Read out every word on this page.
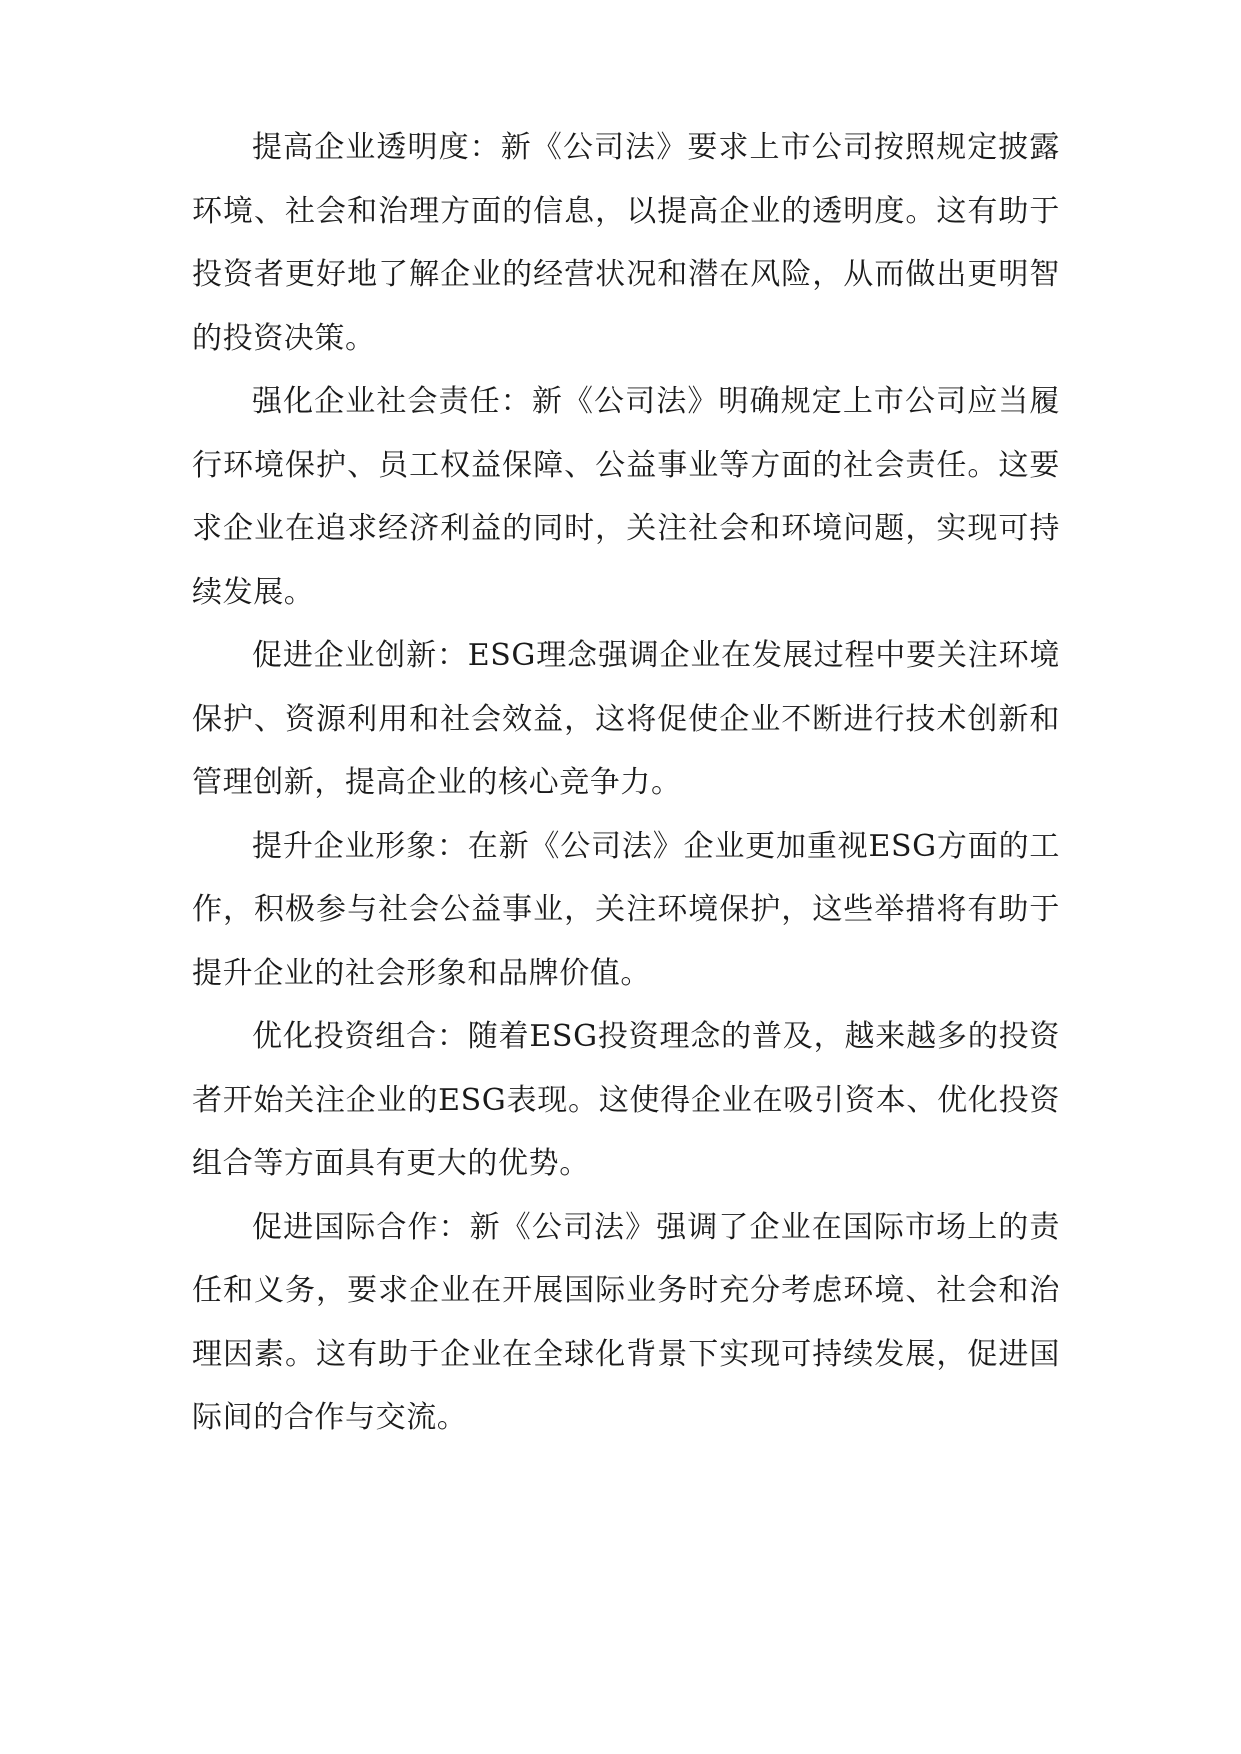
提高企业透明度：新《公司法》要求上市公司按照规定披露环境、社会和治理方面的信息，以提高企业的透明度。这有助于投资者更好地了解企业的经营状况和潜在风险，从而做出更明智的投资决策。

强化企业社会责任：新《公司法》明确规定上市公司应当履行环境保护、员工权益保障、公益事业等方面的社会责任。这要求企业在追求经济利益的同时，关注社会和环境问题，实现可持续发展。

促进企业创新：ESG理念强调企业在发展过程中要关注环境保护、资源利用和社会效益，这将促使企业不断进行技术创新和管理创新，提高企业的核心竞争力。

提升企业形象：在新《公司法》企业更加重视ESG方面的工作，积极参与社会公益事业，关注环境保护，这些举措将有助于提升企业的社会形象和品牌价值。

优化投资组合：随着ESG投资理念的普及，越来越多的投资者开始关注企业的ESG表现。这使得企业在吸引资本、优化投资组合等方面具有更大的优势。

促进国际合作：新《公司法》强调了企业在国际市场上的责任和义务，要求企业在开展国际业务时充分考虑环境、社会和治理因素。这有助于企业在全球化背景下实现可持续发展，促进国际间的合作与交流。
